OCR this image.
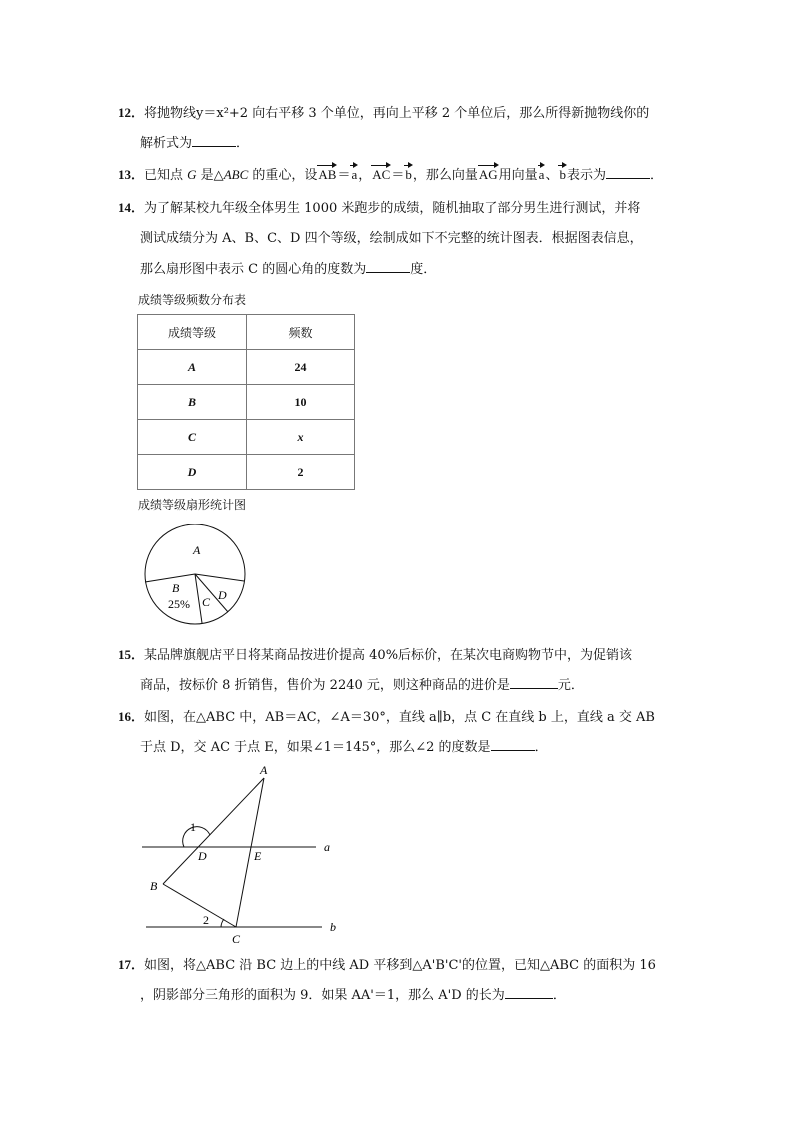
12．将抛物线y＝x²+2 向右平移 3 个单位，再向上平移 2 个单位后，那么所得新抛物线你的
解析式为	．
13．已知点 G 是△ABC 的重心，设AB＝a，AC＝b，那么向量AG用向量a、b表示为	．
14．为了解某校九年级全体男生 1000 米跑步的成绩，随机抽取了部分男生进行测试，并将
测试成绩分为 A、B、C、D 四个等级，绘制成如下不完整的统计图表．根据图表信息，
那么扇形图中表示 C 的圆心角的度数为	度．
成绩等级频数分布表
成绩等级	频数
A	24
B	10
C	x
D	2
成绩等级扇形统计图
A
B
25% C D
15．某品牌旗舰店平日将某商品按进价提高 40%后标价，在某次电商购物节中，为促销该
商品，按标价 8 折销售，售价为 2240 元，则这种商品的进价是	元．
16．如图，在△ABC 中，AB＝AC，∠A＝30°，直线 a∥b，点 C 在直线 b 上，直线 a 交 AB
于点 D，交 AC 于点 E，如果∠1＝145°，那么∠2 的度数是	．
A
B
C
D	E
a
b
1
2
17．如图，将△ABC 沿 BC 边上的中线 AD 平移到△A'B'C'的位置，已知△ABC 的面积为 16
，阴影部分三角形的面积为 9．如果 AA'＝1，那么 A'D 的长为	．
